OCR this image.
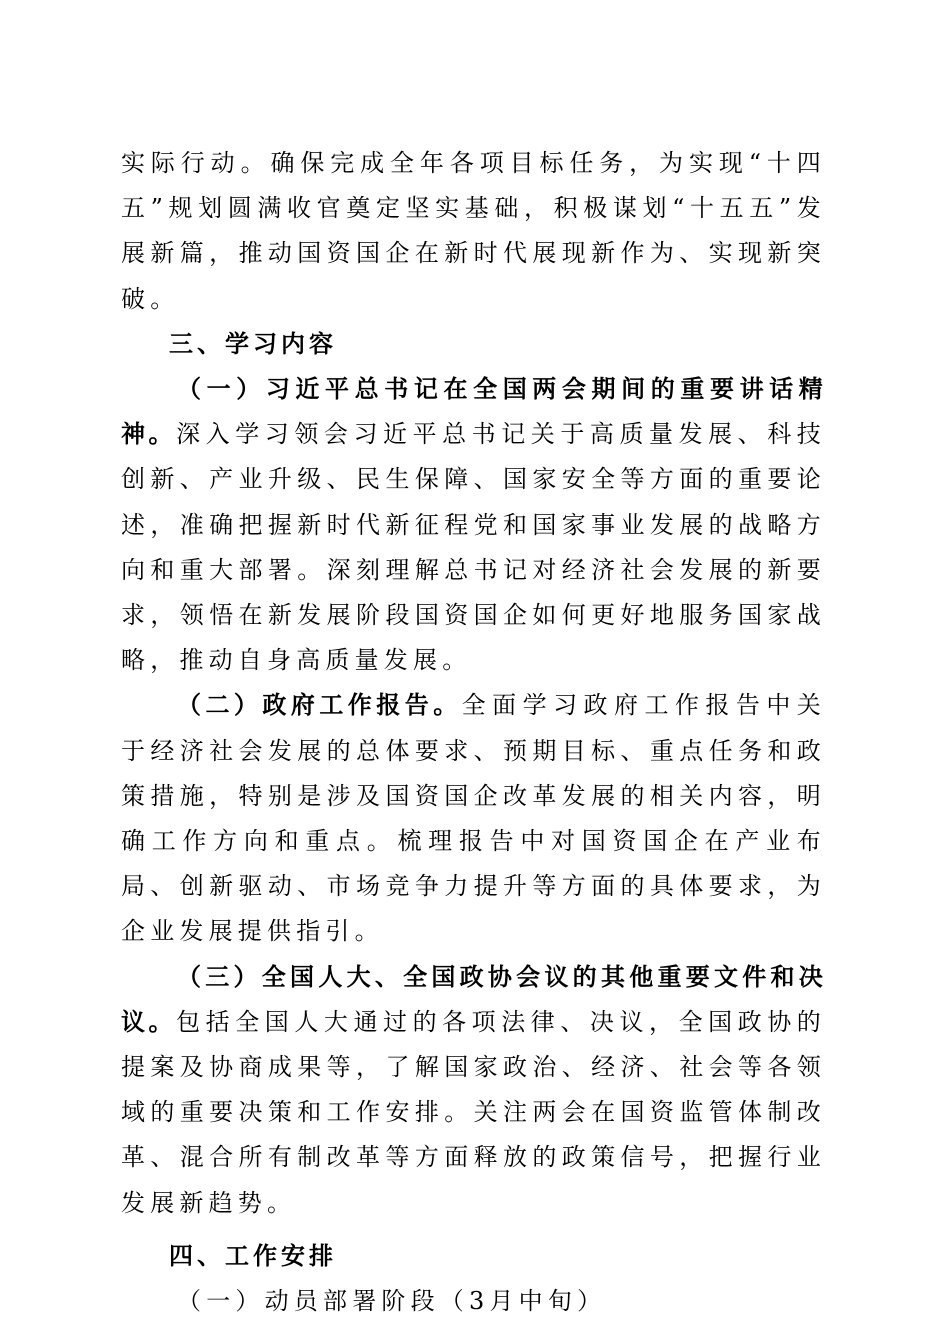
实际行动。确保完成全年各项目标任务，为实现“十四五”规划圆满收官奠定坚实基础，积极谋划“十五五”发展新篇，推动国资国企在新时代展现新作为、实现新突破。

三、学习内容

（一）习近平总书记在全国两会期间的重要讲话精神。深入学习领会习近平总书记关于高质量发展、科技创新、产业升级、民生保障、国家安全等方面的重要论述，准确把握新时代新征程党和国家事业发展的战略方向和重大部署。深刻理解总书记对经济社会发展的新要求，领悟在新发展阶段国资国企如何更好地服务国家战略，推动自身高质量发展。

（二）政府工作报告。全面学习政府工作报告中关于经济社会发展的总体要求、预期目标、重点任务和政策措施，特别是涉及国资国企改革发展的相关内容，明确工作方向和重点。梳理报告中对国资国企在产业布局、创新驱动、市场竞争力提升等方面的具体要求，为企业发展提供指引。

（三）全国人大、全国政协会议的其他重要文件和决议。包括全国人大通过的各项法律、决议，全国政协的提案及协商成果等，了解国家政治、经济、社会等各领域的重要决策和工作安排。关注两会在国资监管体制改革、混合所有制改革等方面释放的政策信号，把握行业发展新趋势。

四、工作安排

（一）动员部署阶段（3月中旬）
